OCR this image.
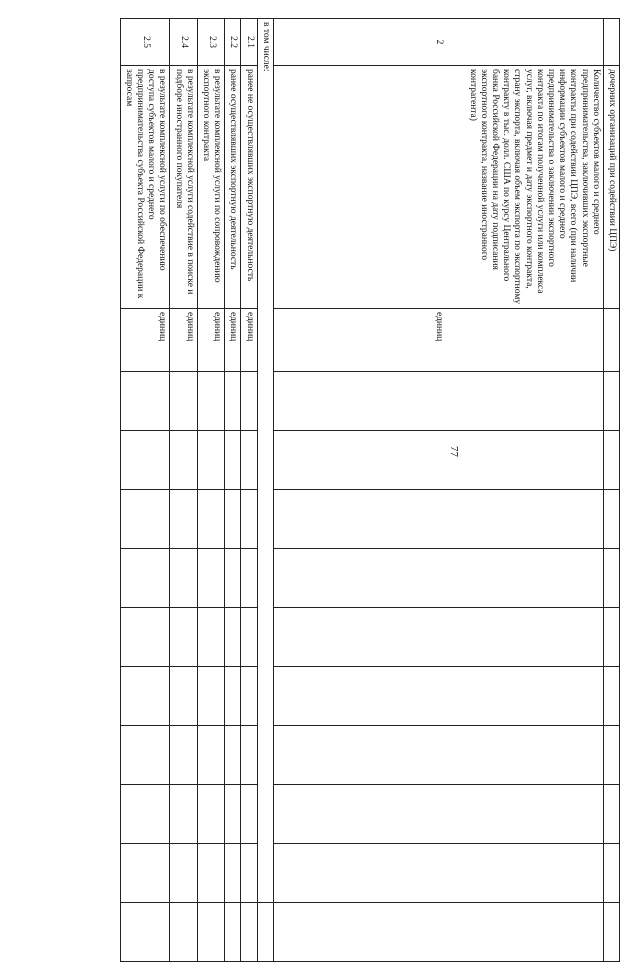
77
	дочерних организаций при содействии ЦПЭ)											
2	Количество субъектов малого и среднего предпринимательства, заключивших экспортные контракты при содействии ЦПЭ, всего (при наличии информации субъектов малого и среднего предпринимательства о заключении экспортного контракта по итогам полученной услуги или комплекса услуг, включая предмет и дату экспортного контракта, страну экспорта, включая объем экспорта по экспортному контракту в тыс. долл. США по курсу Центрального банка Российской Федерации на дату подписания экспортного контракта, название иностранного контрагента)	единиц										
в том числе:												
2.1	ранее не осуществлявших экспортную деятельность	единиц										
2.2	ранее осуществлявших экспортную деятельность	единиц										
2.3	в результате комплексной услуги по сопровождению экспортного контракта	единиц										
2.4	в результате комплексной услуги содействие в поиске и подборе иностранного покупателя	единиц										
2.5	в результате комплексной услуги по обеспечению доступа субъектов малого и среднего предпринимательства субъекта Российской Федерации к запросам	единиц										
